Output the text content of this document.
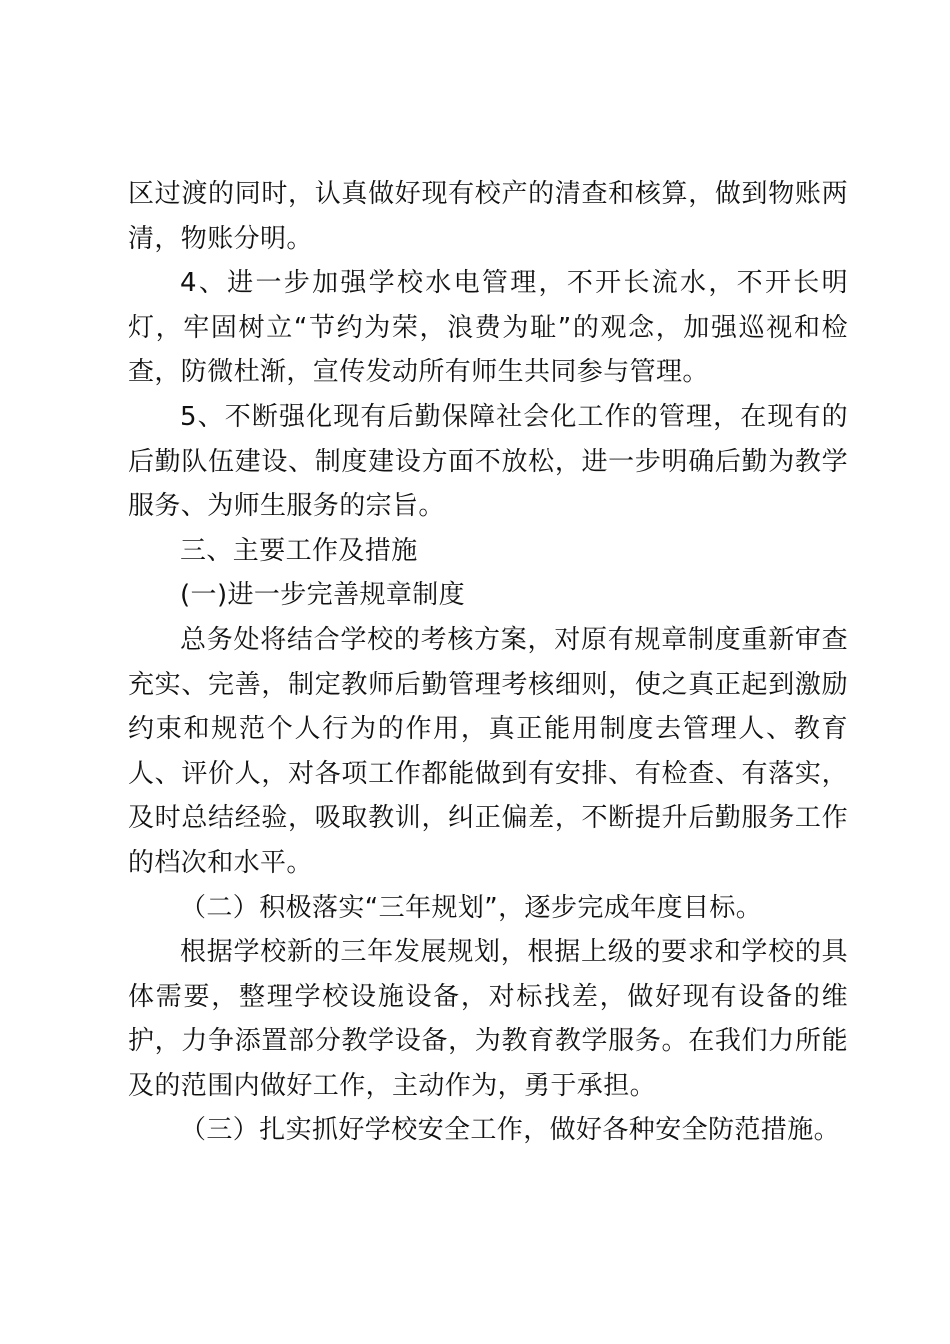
区过渡的同时，认真做好现有校产的清查和核算，做到物账两清，物账分明。

4、进一步加强学校水电管理，不开长流水，不开长明灯，牢固树立“节约为荣，浪费为耻”的观念，加强巡视和检查，防微杜渐，宣传发动所有师生共同参与管理。

5、不断强化现有后勤保障社会化工作的管理，在现有的后勤队伍建设、制度建设方面不放松，进一步明确后勤为教学服务、为师生服务的宗旨。

三、主要工作及措施

(一)进一步完善规章制度

总务处将结合学校的考核方案，对原有规章制度重新审查充实、完善，制定教师后勤管理考核细则，使之真正起到激励约束和规范个人行为的作用，真正能用制度去管理人、教育人、评价人，对各项工作都能做到有安排、有检查、有落实，及时总结经验，吸取教训，纠正偏差，不断提升后勤服务工作的档次和水平。

（二）积极落实“三年规划”，逐步完成年度目标。

根据学校新的三年发展规划，根据上级的要求和学校的具体需要，整理学校设施设备，对标找差，做好现有设备的维护，力争添置部分教学设备，为教育教学服务。在我们力所能及的范围内做好工作，主动作为，勇于承担。

（三）扎实抓好学校安全工作，做好各种安全防范措施。
